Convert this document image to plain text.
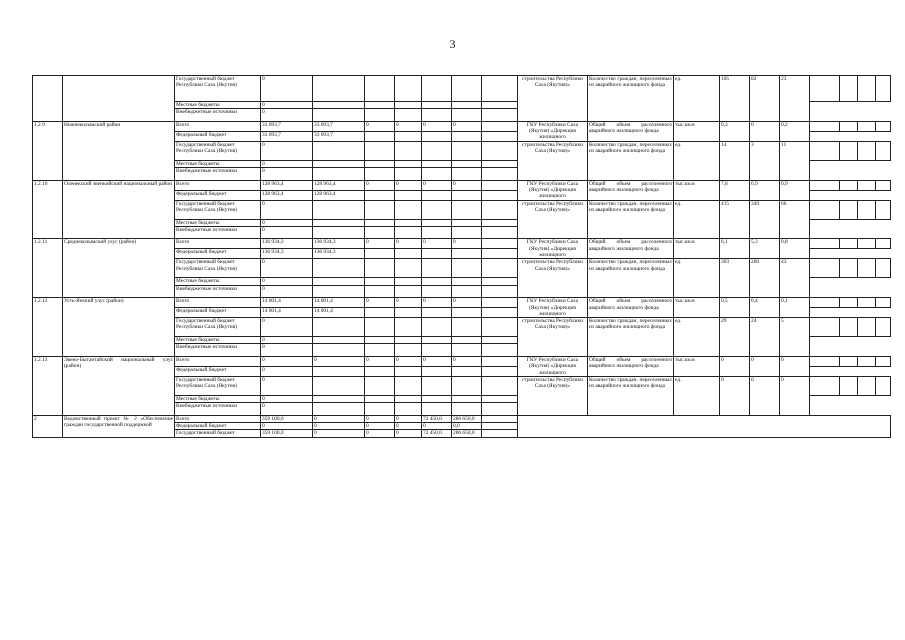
3
		Государственный бюджет Республики Саха (Якутия)	0							строительства Республики Саха (Якутия)»	Количество граждан, переселенных из аварийного жилищного фонда	ед.	105	82	23				
		Местные бюджеты	0																
		Внебюджетные источники	0																
1.2.9	Нижнеколымский район	Всего	33 093,7	33 093,7	0	0	0	0		ГКУ Республики Саха (Якутия) «Дирекция жилищного	Общий объем расселенного аварийного жилищного фонда	тыс.кв.м	0,3	0	0,2				
		Федеральный бюджет	33 093,7	33 093,7															
		Государственный бюджет Республики Саха (Якутия)	0							строительства Республики Саха (Якутия)»	Количество граждан, переселенных из аварийного жилищного фонда	ед.	14	3	11				
		Местные бюджеты	0																
		Внебюджетные источники	0																
1.2.10	Оленекский эвенкийский национальный район	Всего	128 963,4	128 963,4	0	0	0	0		ГКУ Республики Саха (Якутия) «Дирекция жилищного	Общий объем расселенного аварийного жилищного фонда	тыс.кв.м	7,8	6,9	0,9				
		Федеральный бюджет	128 963,4	128 963,4															
		Государственный бюджет Республики Саха (Якутия)	0							строительства Республики Саха (Якутия)»	Количество граждан, переселенных из аварийного жилищного фонда	ед.	415	349	66				
		Местные бюджеты	0																
		Внебюджетные источники	0																
1.2.11	Среднеколымский улус (район)	Всего	136 934,3	136 934,3	0	0	0	0		ГКУ Республики Саха (Якутия) «Дирекция жилищного	Общий объем расселенного аварийного жилищного фонда	тыс.кв.м	6,1	5,3	0,8				
		Федеральный бюджет	136 934,3	136 934,3															
		Государственный бюджет Республики Саха (Якутия)	0							строительства Республики Саха (Якутия)»	Количество граждан, переселенных из аварийного жилищного фонда	ед.	303	260	43				
		Местные бюджеты	0																
		Внебюджетные источники	0																
1.2.12	Усть-Янский улус (район)	Всего	14 001,4	14 001,4	0	0	0	0		ГКУ Республики Саха (Якутия) «Дирекция жилищного	Общий объем расселенного аварийного жилищного фонда	тыс.кв.м	0,5	0,4	0,1				
		Федеральный бюджет	14 001,4	14 001,4															
		Государственный бюджет Республики Саха (Якутия)	0							строительства Республики Саха (Якутия)»	Количество граждан, переселенных из аварийного жилищного фонда	ед.	29	24	5				
		Местные бюджеты	0																
		Внебюджетные источники	0																
1.2.13	Эвено-Бытантайский национальный улус (район)	Всего	0	0	0	0	0	0		ГКУ Республики Саха (Якутия) «Дирекция жилищного	Общий объем расселенного аварийного жилищного фонда	тыс.кв.м	0	0	0				
		Федеральный бюджет	0																
		Государственный бюджет Республики Саха (Якутия)	0							строительства Республики Саха (Якутия)»	Количество граждан, переселенных из аварийного жилищного фонда	ед.	0	0	0				
		Местные бюджеты	0																
		Внебюджетные источники	0																
2	Ведомственный проект № 2 «Обеспечение граждан государственной поддержкой	Всего	359 100,0	0	0	0	72 450,0	286 650,0											
		Федеральный бюджет	0	0	0	0	0	0,0											
		Государственный бюджет	359 100,0	0	0	0	72 450,0	286 650,0											
